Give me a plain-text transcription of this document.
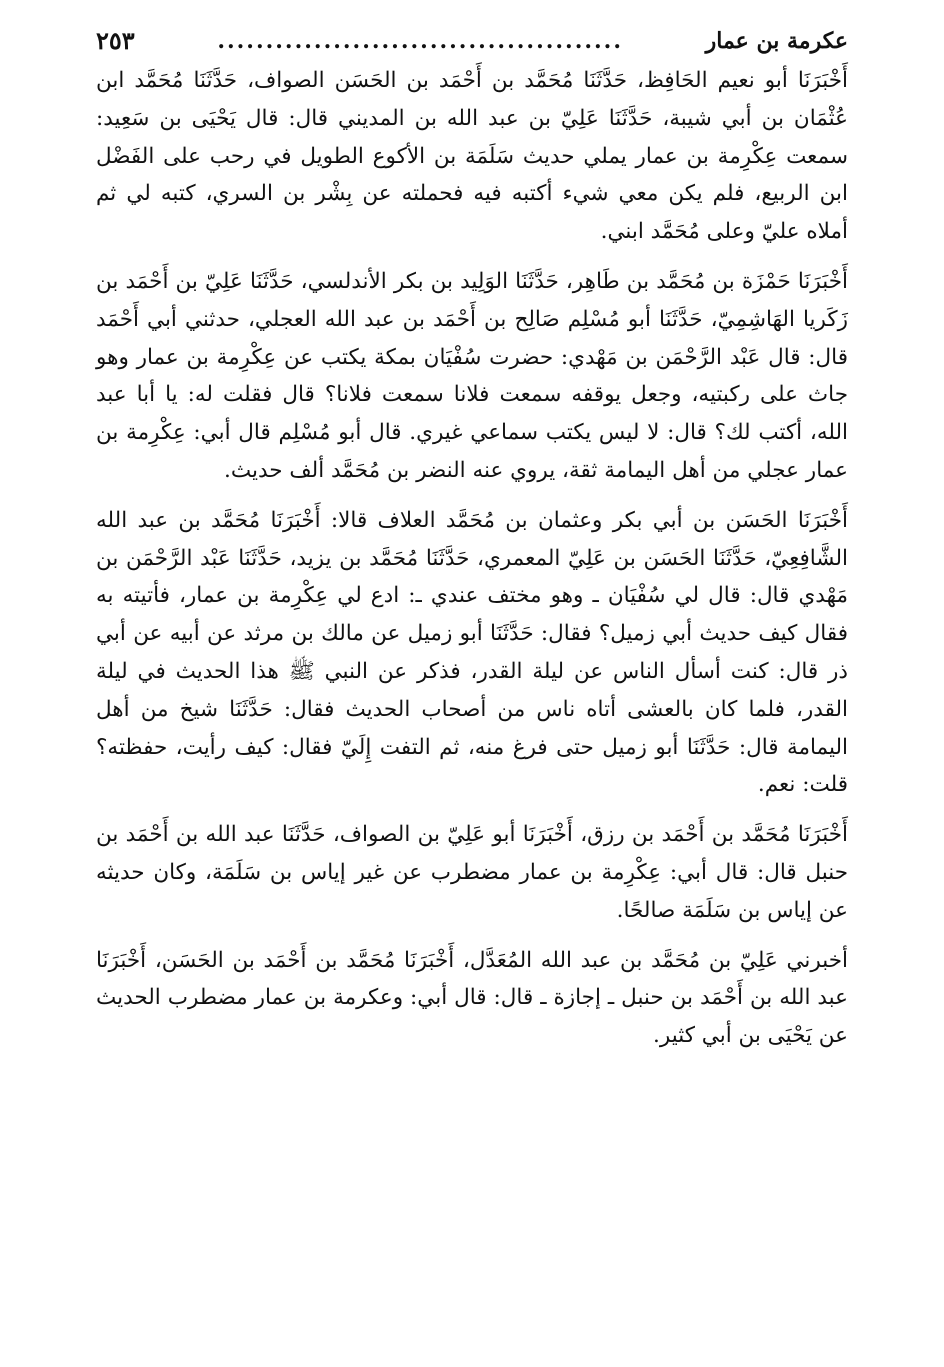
عكرمة بن عمار
..........................................
٢٥٣

أَخْبَرَنَا أبو نعيم الحَافِظ، حَدَّثَنَا مُحَمَّد بن أَحْمَد بن الحَسَن الصواف، حَدَّثَنَا مُحَمَّد ابن عُثْمَان بن أبي شيبة، حَدَّثَنَا عَلِيّ بن عبد الله بن المديني قال: قال يَحْيَى بن سَعِيد: سمعت عِكْرِمة بن عمار يملي حديث سَلَمَة بن الأكوع الطويل في رحب على الفَضْل ابن الربيع، فلم يكن معي شيء أكتبه فيه فحملته عن بِشْر بن السري، كتبه لي ثم أملاه عليّ وعلى مُحَمَّد ابني.

أَخْبَرَنَا حَمْزَة بن مُحَمَّد بن طَاهِر، حَدَّثَنَا الوَلِيد بن بكر الأندلسي، حَدَّثَنَا عَلِيّ بن أَحْمَد بن زَكَريا الهَاشِمِيّ، حَدَّثَنَا أبو مُسْلِم صَالِح بن أَحْمَد بن عبد الله العجلي، حدثني أبي أَحْمَد قال: قال عَبْد الرَّحْمَن بن مَهْدي: حضرت سُفْيَان بمكة يكتب عن عِكْرِمة بن عمار وهو جاث على ركبتيه، وجعل يوقفه سمعت فلانا سمعت فلانا؟ قال فقلت له: يا أبا عبد الله، أكتب لك؟ قال: لا ليس يكتب سماعي غيري. قال أبو مُسْلِم قال أبي: عِكْرِمة بن عمار عجلي من أهل اليمامة ثقة، يروي عنه النضر بن مُحَمَّد ألف حديث.

أَخْبَرَنَا الحَسَن بن أبي بكر وعثمان بن مُحَمَّد العلاف قالا: أَخْبَرَنَا مُحَمَّد بن عبد الله الشَّافِعِيّ، حَدَّثَنَا الحَسَن بن عَلِيّ المعمري، حَدَّثَنَا مُحَمَّد بن يزيد، حَدَّثَنَا عَبْد الرَّحْمَن بن مَهْدي قال: قال لي سُفْيَان ـ وهو مختف عندي ـ: ادع لي عِكْرِمة بن عمار، فأتيته به فقال كيف حديث أبي زميل؟ فقال: حَدَّثَنَا أبو زميل عن مالك بن مرثد عن أبيه عن أبي ذر قال: كنت أسأل الناس عن ليلة القدر، فذكر عن النبي ﷺ هذا الحديث في ليلة القدر، فلما كان بالعشى أتاه ناس من أصحاب الحديث فقال: حَدَّثَنَا شيخ من أهل اليمامة قال: حَدَّثَنَا أبو زميل حتى فرغ منه، ثم التفت إِلَيّ فقال: كيف رأيت، حفظته؟ قلت: نعم.

أَخْبَرَنَا مُحَمَّد بن أَحْمَد بن رزق، أَخْبَرَنَا أبو عَلِيّ بن الصواف، حَدَّثَنَا عبد الله بن أَحْمَد بن حنبل قال: قال أبي: عِكْرِمة بن عمار مضطرب عن غير إياس بن سَلَمَة، وكان حديثه عن إياس بن سَلَمَة صالحًا.

أخبرني عَلِيّ بن مُحَمَّد بن عبد الله المُعَدَّل، أَخْبَرَنَا مُحَمَّد بن أَحْمَد بن الحَسَن، أَخْبَرَنَا عبد الله بن أَحْمَد بن حنبل ـ إجازة ـ قال: قال أبي: وعكرمة بن عمار مضطرب الحديث عن يَحْيَى بن أبي كثير.
